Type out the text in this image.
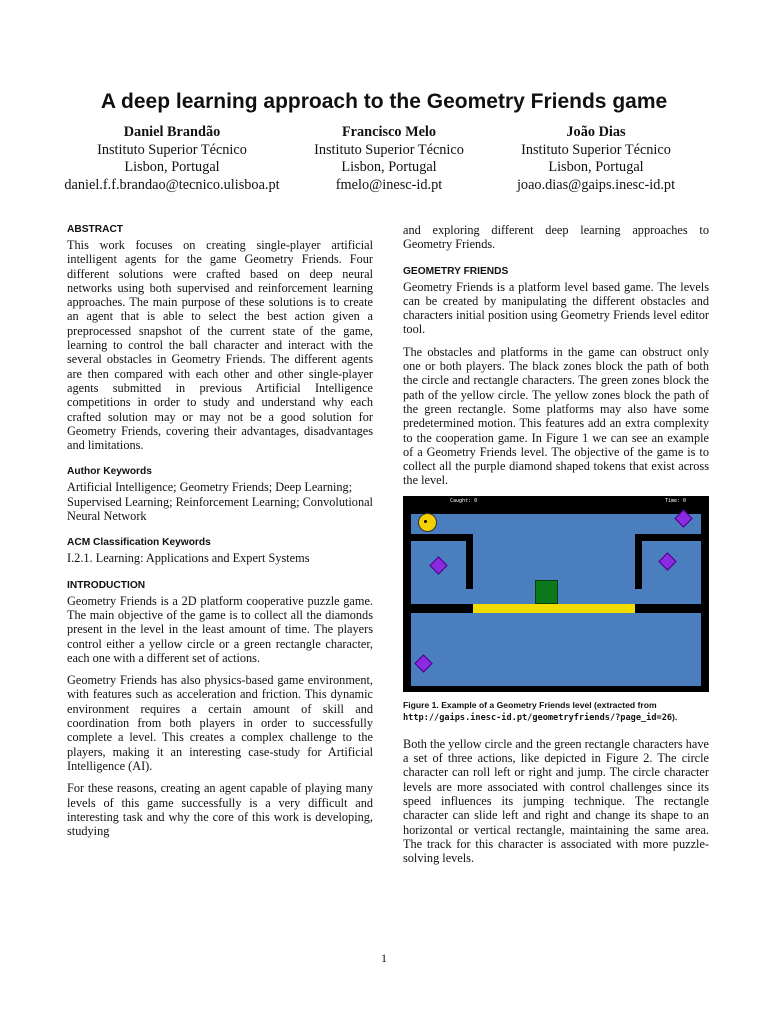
A deep learning approach to the Geometry Friends game
Daniel Brandão
Instituto Superior Técnico
Lisbon, Portugal
daniel.f.f.brandao@tecnico.ulisboa.pt
Francisco Melo
Instituto Superior Técnico
Lisbon, Portugal
fmelo@inesc-id.pt
João Dias
Instituto Superior Técnico
Lisbon, Portugal
joao.dias@gaips.inesc-id.pt
ABSTRACT

This work focuses on creating single-player artificial intelligent agents for the game Geometry Friends. Four different solutions were crafted based on deep neural networks using both supervised and reinforcement learning approaches. The main purpose of these solutions is to create an agent that is able to select the best action given a preprocessed snapshot of the current state of the game, learning to control the ball character and interact with the several obstacles in Geometry Friends. The different agents are then compared with each other and other single-player agents submitted in previous Artificial Intelligence competitions in order to study and understand why each crafted solution may or may not be a good solution for Geometry Friends, covering their advantages, disadvantages and limitations.

Author Keywords

Artificial Intelligence; Geometry Friends; Deep Learning; Supervised Learning; Reinforcement Learning; Convolutional Neural Network

ACM Classification Keywords

I.2.1. Learning: Applications and Expert Systems

INTRODUCTION

Geometry Friends is a 2D platform cooperative puzzle game. The main objective of the game is to collect all the diamonds present in the level in the least amount of time. The players control either a yellow circle or a green rectangle character, each one with a different set of actions.

Geometry Friends has also physics-based game environment, with features such as acceleration and friction. This dynamic environment requires a certain amount of skill and coordination from both players in order to successfully complete a level. This creates a complex challenge to the players, making it an interesting case-study for Artificial Intelligence (AI).

For these reasons, creating an agent capable of playing many levels of this game successfully is a very difficult and interesting task and why the core of this work is developing, studying

and exploring different deep learning approaches to Geometry Friends.

GEOMETRY FRIENDS

Geometry Friends is a platform level based game. The levels can be created by manipulating the different obstacles and characters initial position using Geometry Friends level editor tool.

The obstacles and platforms in the game can obstruct only one or both players. The black zones block the path of both the circle and rectangle characters. The green zones block the path of the yellow circle. The yellow zones block the path of the green rectangle. Some platforms may also have some predetermined motion. This features add an extra complexity to the cooperation game. In Figure 1 we can see an example of a Geometry Friends level. The objective of the game is to collect all the purple diamond shaped tokens that exist across the level.

Caught: 0	Time: 0
Figure 1. Example of a Geometry Friends level (extracted from http://gaips.inesc-id.pt/geometryfriends/?page_id=26).

Both the yellow circle and the green rectangle characters have a set of three actions, like depicted in Figure 2. The circle character can roll left or right and jump. The circle character levels are more associated with control challenges since its speed influences its jumping technique. The rectangle character can slide left and right and change its shape to an horizontal or vertical rectangle, maintaining the same area. The track for this character is associated with more puzzle-solving levels.

1
